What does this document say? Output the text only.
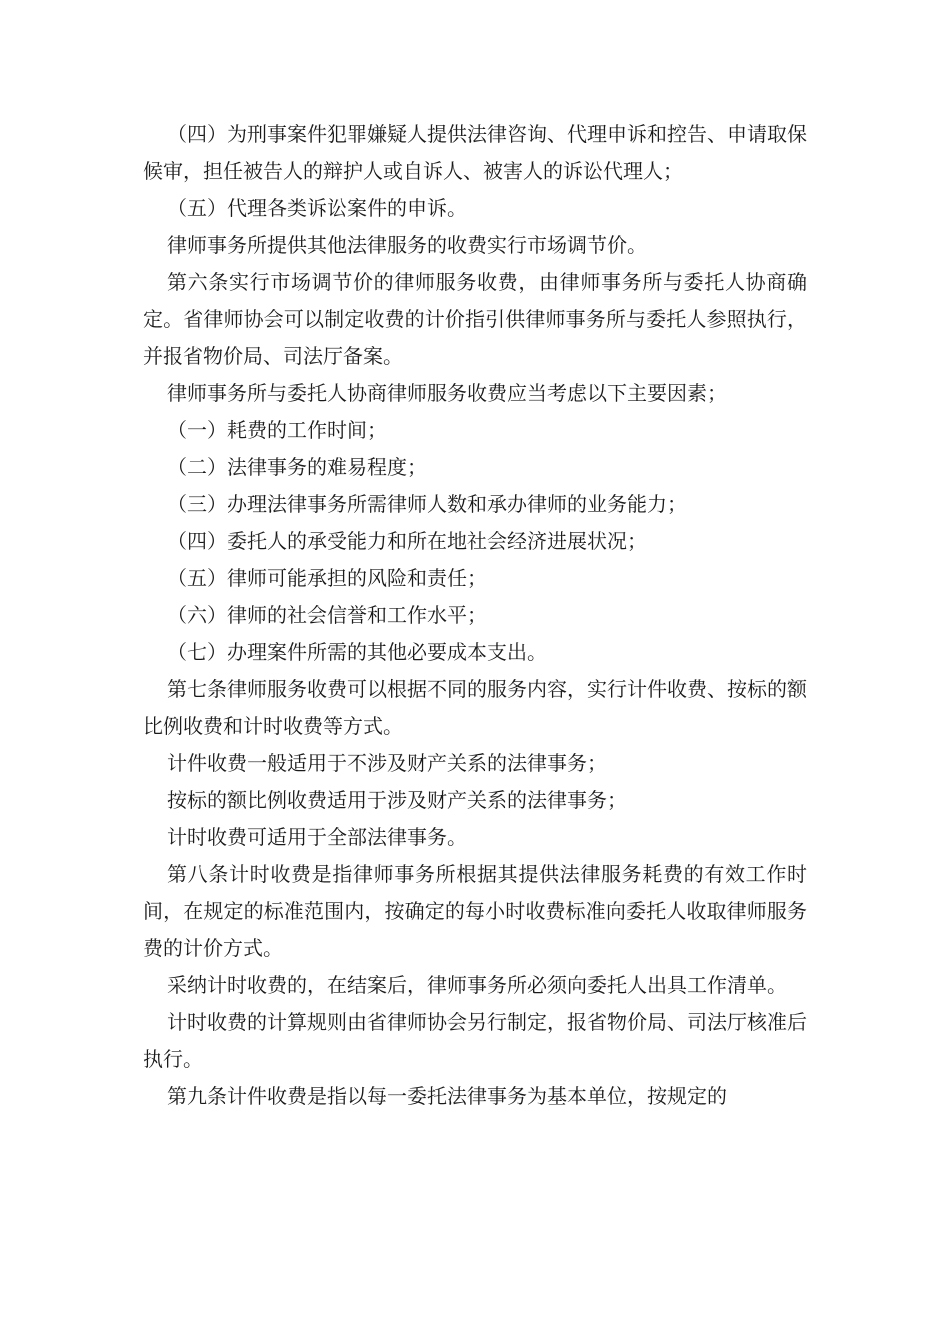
（四）为刑事案件犯罪嫌疑人提供法律咨询、代理申诉和控告、申请取保候审，担任被告人的辩护人或自诉人、被害人的诉讼代理人；

（五）代理各类诉讼案件的申诉。

律师事务所提供其他法律服务的收费实行市场调节价。

第六条实行市场调节价的律师服务收费，由律师事务所与委托人协商确定。省律师协会可以制定收费的计价指引供律师事务所与委托人参照执行，并报省物价局、司法厅备案。

律师事务所与委托人协商律师服务收费应当考虑以下主要因素；

（一）耗费的工作时间；

（二）法律事务的难易程度；

（三）办理法律事务所需律师人数和承办律师的业务能力；

（四）委托人的承受能力和所在地社会经济进展状况；

（五）律师可能承担的风险和责任；

（六）律师的社会信誉和工作水平；

（七）办理案件所需的其他必要成本支出。

第七条律师服务收费可以根据不同的服务内容，实行计件收费、按标的额比例收费和计时收费等方式。

计件收费一般适用于不涉及财产关系的法律事务；

按标的额比例收费适用于涉及财产关系的法律事务；

计时收费可适用于全部法律事务。

第八条计时收费是指律师事务所根据其提供法律服务耗费的有效工作时间，在规定的标准范围内，按确定的每小时收费标准向委托人收取律师服务费的计价方式。

采纳计时收费的，在结案后，律师事务所必须向委托人出具工作清单。

计时收费的计算规则由省律师协会另行制定，报省物价局、司法厅核准后执行。

第九条计件收费是指以每一委托法律事务为基本单位，按规定的
